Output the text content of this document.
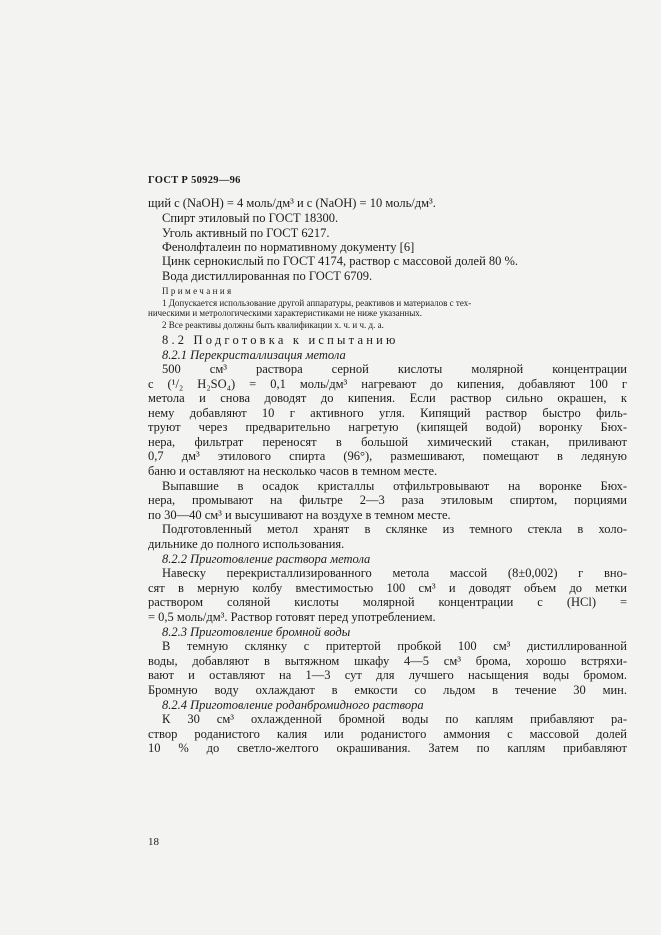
ГОСТ Р 50929—96
щий c (NaOH) = 4 моль/дм³ и c (NaOH) = 10 моль/дм³.
Спирт этиловый по ГОСТ 18300.
Уголь активный по ГОСТ 6217.
Фенолфталеин по нормативному документу [6]
Цинк сернокислый по ГОСТ 4174, раствор с массовой долей 80 %.
Вода дистиллированная по ГОСТ 6709.
Примечания
1 Допускается использование другой аппаратуры, реактивов и материалов с тех-
ническими и метрологическими характеристиками не ниже указанных.
2 Все реактивы должны быть квалификации х. ч. и ч. д. а.
8.2 Подготовка к испытанию
8.2.1 Перекристаллизация метола
500 см³ раствора серной кислоты молярной концентрации
c (¹/₂ H₂SO₄) = 0,1 моль/дм³ нагревают до кипения, добавляют 100 г
метола и снова доводят до кипения. Если раствор сильно окрашен, к
нему добавляют 10 г активного угля. Кипящий раствор быстро филь-
труют через предварительно нагретую (кипящей водой) воронку Бюх-
нера, фильтрат переносят в большой химический стакан, приливают
0,7 дм³ этилового спирта (96°), размешивают, помещают в ледяную
баню и оставляют на несколько часов в темном месте.
Выпавшие в осадок кристаллы отфильтровывают на воронке Бюх-
нера, промывают на фильтре 2—3 раза этиловым спиртом, порциями
по 30—40 см³ и высушивают на воздухе в темном месте.
Подготовленный метол хранят в склянке из темного стекла в холо-
дильнике до полного использования.
8.2.2 Приготовление раствора метола
Навеску перекристаллизированного метола массой (8±0,002) г вно-
сят в мерную колбу вместимостью 100 см³ и доводят объем до метки
раствором соляной кислоты молярной концентрации c (HCl) =
= 0,5 моль/дм³. Раствор готовят перед употреблением.
8.2.3 Приготовление бромной воды
В темную склянку с притертой пробкой 100 см³ дистиллированной
воды, добавляют в вытяжном шкафу 4—5 см³ брома, хорошо встряхи-
вают и оставляют на 1—3 сут для лучшего насыщения воды бромом.
Бромную воду охлаждают в емкости со льдом в течение 30 мин.
8.2.4 Приготовление роданбромидного раствора
К 30 см³ охлажденной бромной воды по каплям прибавляют ра-
створ роданистого калия или роданистого аммония с массовой долей
10 % до светло-желтого окрашивания. Затем по каплям прибавляют
18
